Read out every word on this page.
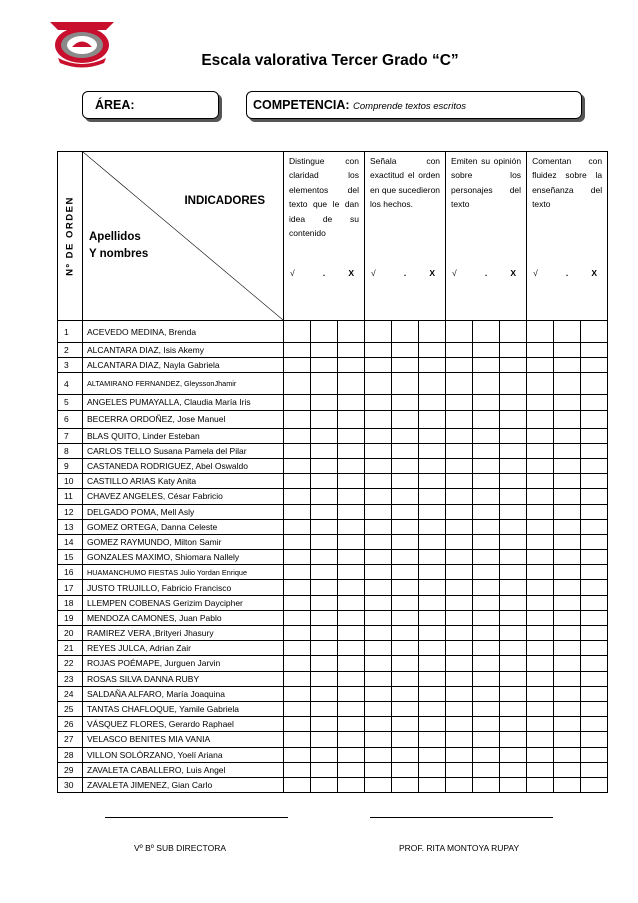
Escala valorativa Tercer Grado “C”
ÁREA:	COMPETENCIA: Comprende textos escritos
Nº DE ORDEN	INDICADORES
Apellidos
Y nombres	Distingue con claridad los elementos del texto que le dan idea de su contenido			Señala con exactitud el orden en que sucedieron los hechos.			Emiten su opinión sobre los personajes del texto			Comentan con fluidez sobre la enseñanza del texto		
		√	.	X	√	.	X	√	.	X	√	.	X
1	ACEVEDO MEDINA, Brenda												
2	ALCANTARA DIAZ, Isis Akemy												
3	ALCANTARA DIAZ, Nayla Gabriela												
4	ALTAMIRANO FERNANDEZ, GleyssonJhamir												
5	ANGELES PUMAYALLA, Claudia María Iris												
6	BECERRA ORDOÑEZ, Jose Manuel												
7	BLAS QUITO, Linder Esteban												
8	CARLOS TELLO Susana Pamela del Pilar												
9	CASTANEDA RODRIGUEZ, Abel Oswaldo												
10	CASTILLO ARIAS Katy Anita												
11	CHAVEZ ANGELES, César Fabricio												
12	DELGADO POMA, Mell Asly												
13	GOMEZ ORTEGA, Danna Celeste												
14	GOMEZ RAYMUNDO, Milton Samir												
15	GONZALES MAXIMO, Shiomara Nallely												
16	HUAMANCHUMO FIESTAS Julio Yordan Enrique												
17	JUSTO TRUJILLO, Fabricio Francisco												
18	LLEMPEN COBENAS Gerizim Daycipher												
19	MENDOZA CAMONES, Juan Pablo												
20	RAMIREZ VERA ,Brityeri Jhasury												
21	REYES JULCA, Adrian Zair												
22	ROJAS POÉMAPE, Jurguen Jarvin												
23	ROSAS SILVA DANNA RUBY												
24	SALDAÑA ALFARO, María Joaquina												
25	TANTAS CHAFLOQUE, Yamile Gabriela												
26	VÁSQUEZ FLORES, Gerardo Raphael												
27	VELASCO BENITES MIA VANIA												
28	VILLON SOLÓRZANO, Yoelí Ariana												
29	ZAVALETA CABALLERO, Luis Angel												
30	ZAVALETA JIMENEZ, Gian Carlo												
Vº Bº SUB DIRECTORA	PROF. RITA MONTOYA RUPAY
